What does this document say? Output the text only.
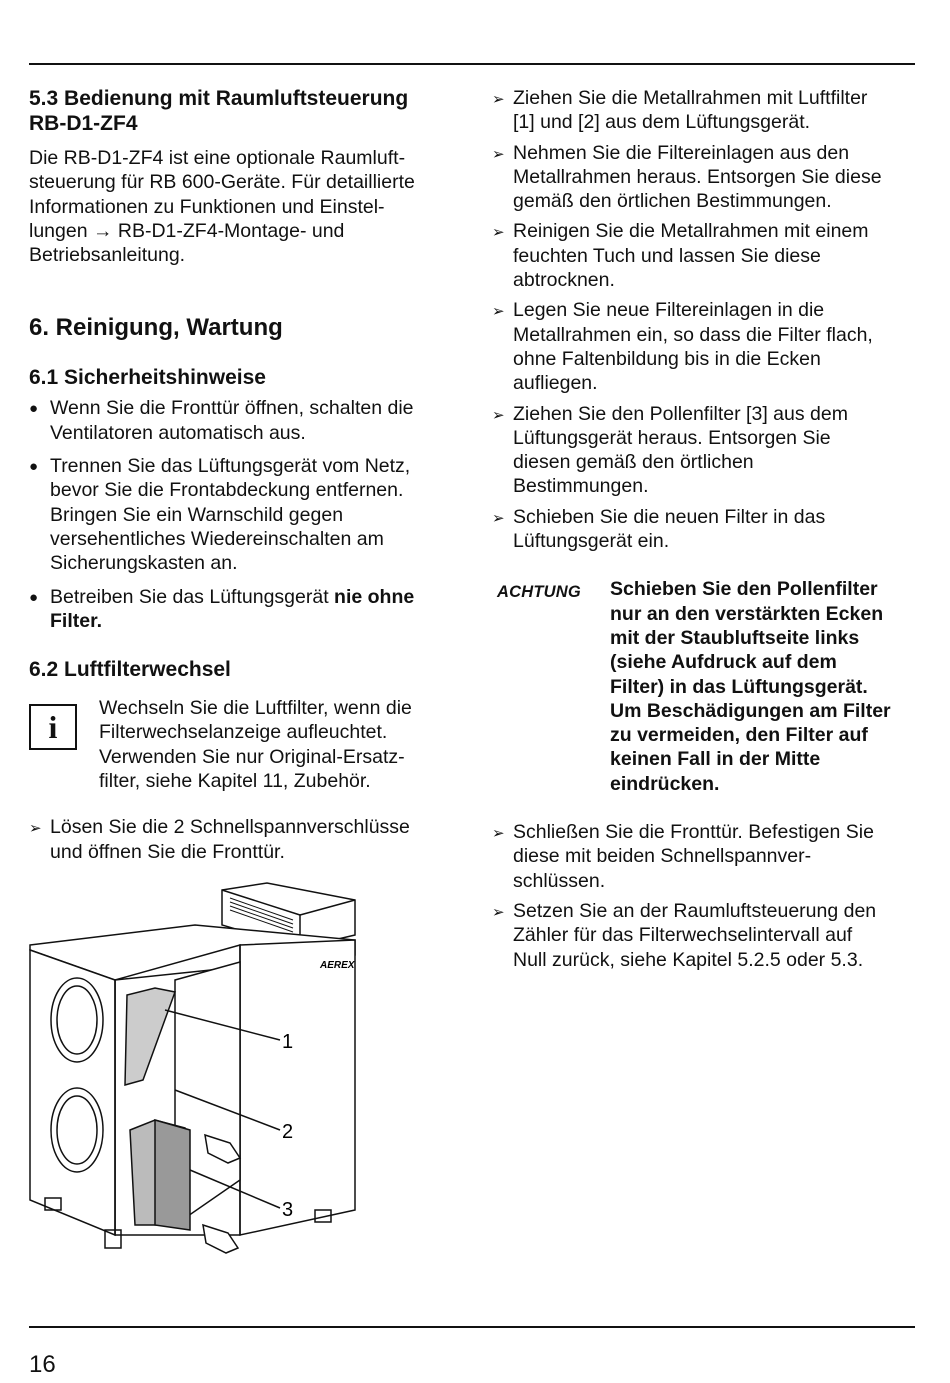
5.3 Bedienung mit Raumluftsteuerung
RB-D1-ZF4
Die RB-D1-ZF4 ist eine optionale Raumluft-
steuerung für RB 600-Geräte. Für detaillierte
Informationen zu Funktionen und Einstel-
lungen → RB-D1-ZF4-Montage- und
Betriebsanleitung.
6. Reinigung, Wartung
6.1 Sicherheitshinweise
● Wenn Sie die Fronttür öffnen, schalten die
Ventilatoren automatisch aus.
● Trennen Sie das Lüftungsgerät vom Netz,
bevor Sie die Frontabdeckung entfernen.
Bringen Sie ein Warnschild gegen
versehentliches Wiedereinschalten am
Sicherungskasten an.
● Betreiben Sie das Lüftungsgerät nie ohne
Filter.
6.2 Luftfilterwechsel
i
Wechseln Sie die Luftfilter, wenn die
Filterwechselanzeige aufleuchtet.
Verwenden Sie nur Original-Ersatz-
filter, siehe Kapitel 11, Zubehör.
➢ Lösen Sie die 2 Schnellspannverschlüsse
und öffnen Sie die Fronttür.
AEREX
1
2
3
➢ Ziehen Sie die Metallrahmen mit Luftfilter
[1] und [2] aus dem Lüftungsgerät.
➢ Nehmen Sie die Filtereinlagen aus den
Metallrahmen heraus. Entsorgen Sie diese
gemäß den örtlichen Bestimmungen.
➢ Reinigen Sie die Metallrahmen mit einem
feuchten Tuch und lassen Sie diese
abtrocknen.
➢ Legen Sie neue Filtereinlagen in die
Metallrahmen ein, so dass die Filter flach,
ohne Faltenbildung bis in die Ecken
aufliegen.
➢ Ziehen Sie den Pollenfilter [3] aus dem
Lüftungsgerät heraus. Entsorgen Sie
diesen gemäß den örtlichen
Bestimmungen.
➢ Schieben Sie die neuen Filter in das
Lüftungsgerät ein.
ACHTUNG Schieben Sie den Pollenfilter
nur an den verstärkten Ecken
mit der Staubluftseite links
(siehe Aufdruck auf dem
Filter) in das Lüftungsgerät.
Um Beschädigungen am Filter
zu vermeiden, den Filter auf
keinen Fall in der Mitte
eindrücken.
➢ Schließen Sie die Fronttür. Befestigen Sie
diese mit beiden Schnellspannver-
schlüssen.
➢ Setzen Sie an der Raumluftsteuerung den
Zähler für das Filterwechselintervall auf
Null zurück, siehe Kapitel 5.2.5 oder 5.3.
16
